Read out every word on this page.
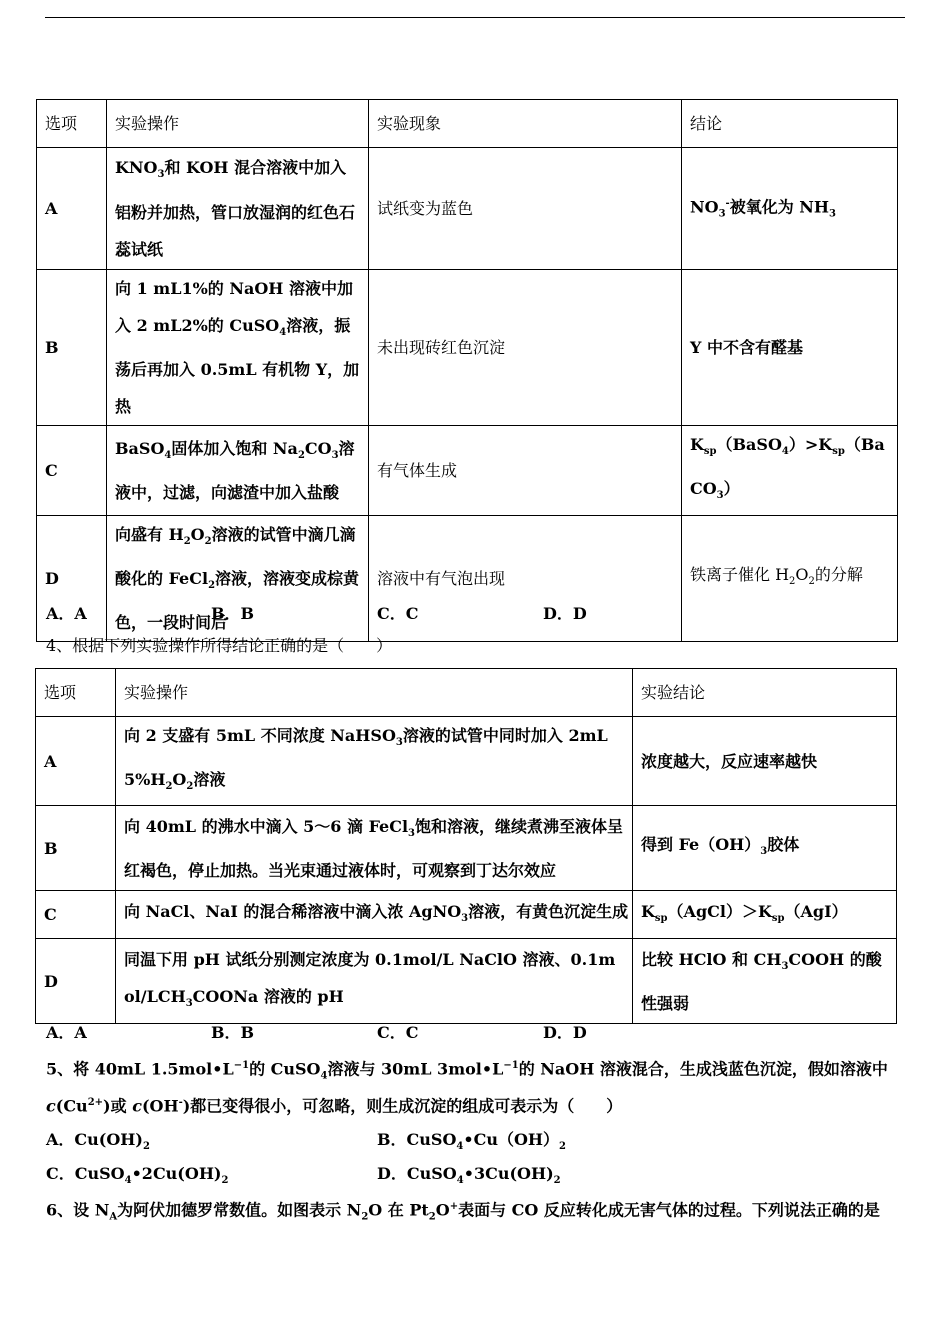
选项	实验操作	实验现象	结论
A	$KNO_3$和 KOH 混合溶液中加入铝粉并加热，管口放湿润的红色石蕊试纸	试纸变为蓝色	$NO_3^-$被氧化为 $NH_3$
B	向 1 mL1%的 NaOH 溶液中加入 2 mL2%的 CuSO$_4$溶液，振荡后再加入 0.5mL 有机物 Y，加热	未出现砖红色沉淀	Y 中不含有醛基
C	BaSO$_4$固体加入饱和 $Na_2CO_3$溶液中，过滤，向滤渣中加入盐酸	有气体生成	$K_{sp}(BaSO_4)>K_{sp}(BaCO_3)$
D	向盛有 $H_2O_2$溶液的试管中滴几滴酸化的 FeCl$_2$溶液，溶液变成棕黄色，一段时间后	溶液中有气泡出现	铁离子催化 $H_2O_2$的分解
A．A	B．B	C．C	D．D
4、根据下列实验操作所得结论正确的是（　　）
选项	实验操作	实验结论
A	向 2 支盛有 5mL 不同浓度 NaHSO$_3$溶液的试管中同时加入 $2mL5\%H_2O_2$溶液	浓度越大，反应速率越快
B	向 40mL 的沸水中滴入 5～6 滴 FeCl$_3$饱和溶液，继续煮沸至液体呈红褐色，停止加热。当光束通过液体时，可观察到丁达尔效应	得到 $Fe(OH)_3$胶体
C	向 NaCl、NaI 的混合稀溶液中滴入浓 AgNO$_3$溶液，有黄色沉淀生成	$K_{sp}(AgCl)>K_{sp}(AgI)$
D	同温下用 pH 试纸分别测定浓度为 0.1mol/L NaClO 溶液、$0.1mol/LCH_3COONa$ 溶液的 pH	比较 HClO 和 $CH_3COOH$ 的酸性强弱
A．A	B．B	C．C	D．D
5、将 40mL $1.5mol•L^{-1}$的 CuSO$_4$溶液与 30mL $3mol•L^{-1}$的 NaOH 溶液混合，生成浅蓝色沉淀，假如溶液中
$c(Cu^{2+})$或 c(OH-)都已变得很小，可忽略，则生成沉淀的组成可表示为（　　）
A．$Cu(OH)_2$	B．$CuSO_4•Cu(OH)_2$
C．$CuSO_4•2Cu(OH)_2$	D．$CuSO_4•3Cu(OH)_2$
6、设 $N_A$为阿伏加德罗常数值。如图表示 $N_2O$ 在 $Pt_2O^+$表面与 CO 反应转化成无害气体的过程。下列说法正确的是
